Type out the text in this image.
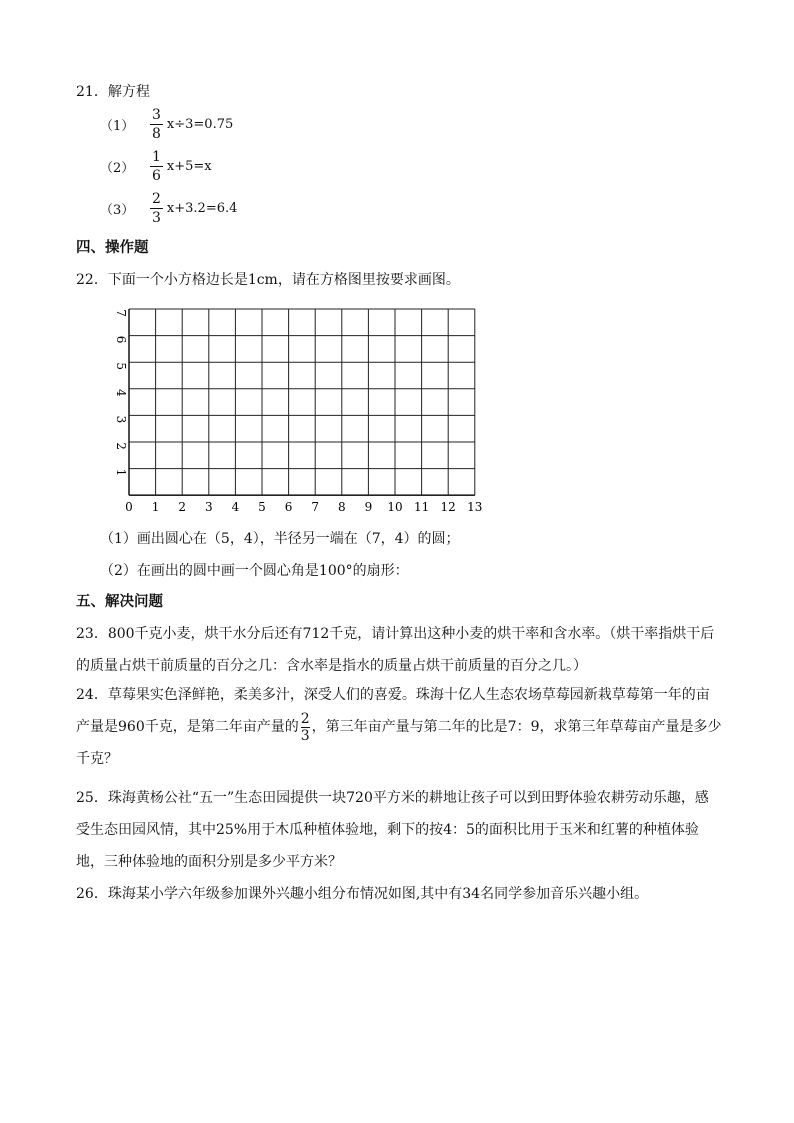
21．解方程
$(1) \frac{3}{8} x\div 3=0.75$
$(2) \frac{1}{6} x+5=x$
$(3) \frac{2}{3} x+3.2=6.4$
四、操作题
22．下面一个小方格边长是1cm，请在方格图里按要求画图。
0 1 2 3 4 5 6 7 8 9 10 11 12 13
1
2
3
4
5
6
7
（1）画出圆心在（5，4），半径另一端在（7，4）的圆；
（2）在画出的圆中画一个圆心角是100°的扇形：
五、解决问题
23．800千克小麦，烘干水分后还有712千克，请计算出这种小麦的烘干率和含水率。（烘干率指烘干后的质量占烘干前质量的百分之几：含水率是指水的质量占烘干前质量的百分之几。）
24．草莓果实色泽鲜艳，柔美多汁，深受人们的喜爱。珠海十亿人生态农场草莓园新栽草莓第一年的亩产量是960千克，是第二年亩产量的 $\frac{2}{3}$ ，第三年亩产量与第二年的比是7：9，求第三年草莓亩产量是多少千克？
25．珠海黄杨公社“五一”生态田园提供一块720平方米的耕地让孩子可以到田野体验农耕劳动乐趣，感受生态田园风情，其中25%用于木瓜种植体验地，剩下的按4：5的面积比用于玉米和红薯的种植体验地，三种体验地的面积分别是多少平方米？
26．珠海某小学六年级参加课外兴趣小组分布情况如图,其中有34名同学参加音乐兴趣小组。
